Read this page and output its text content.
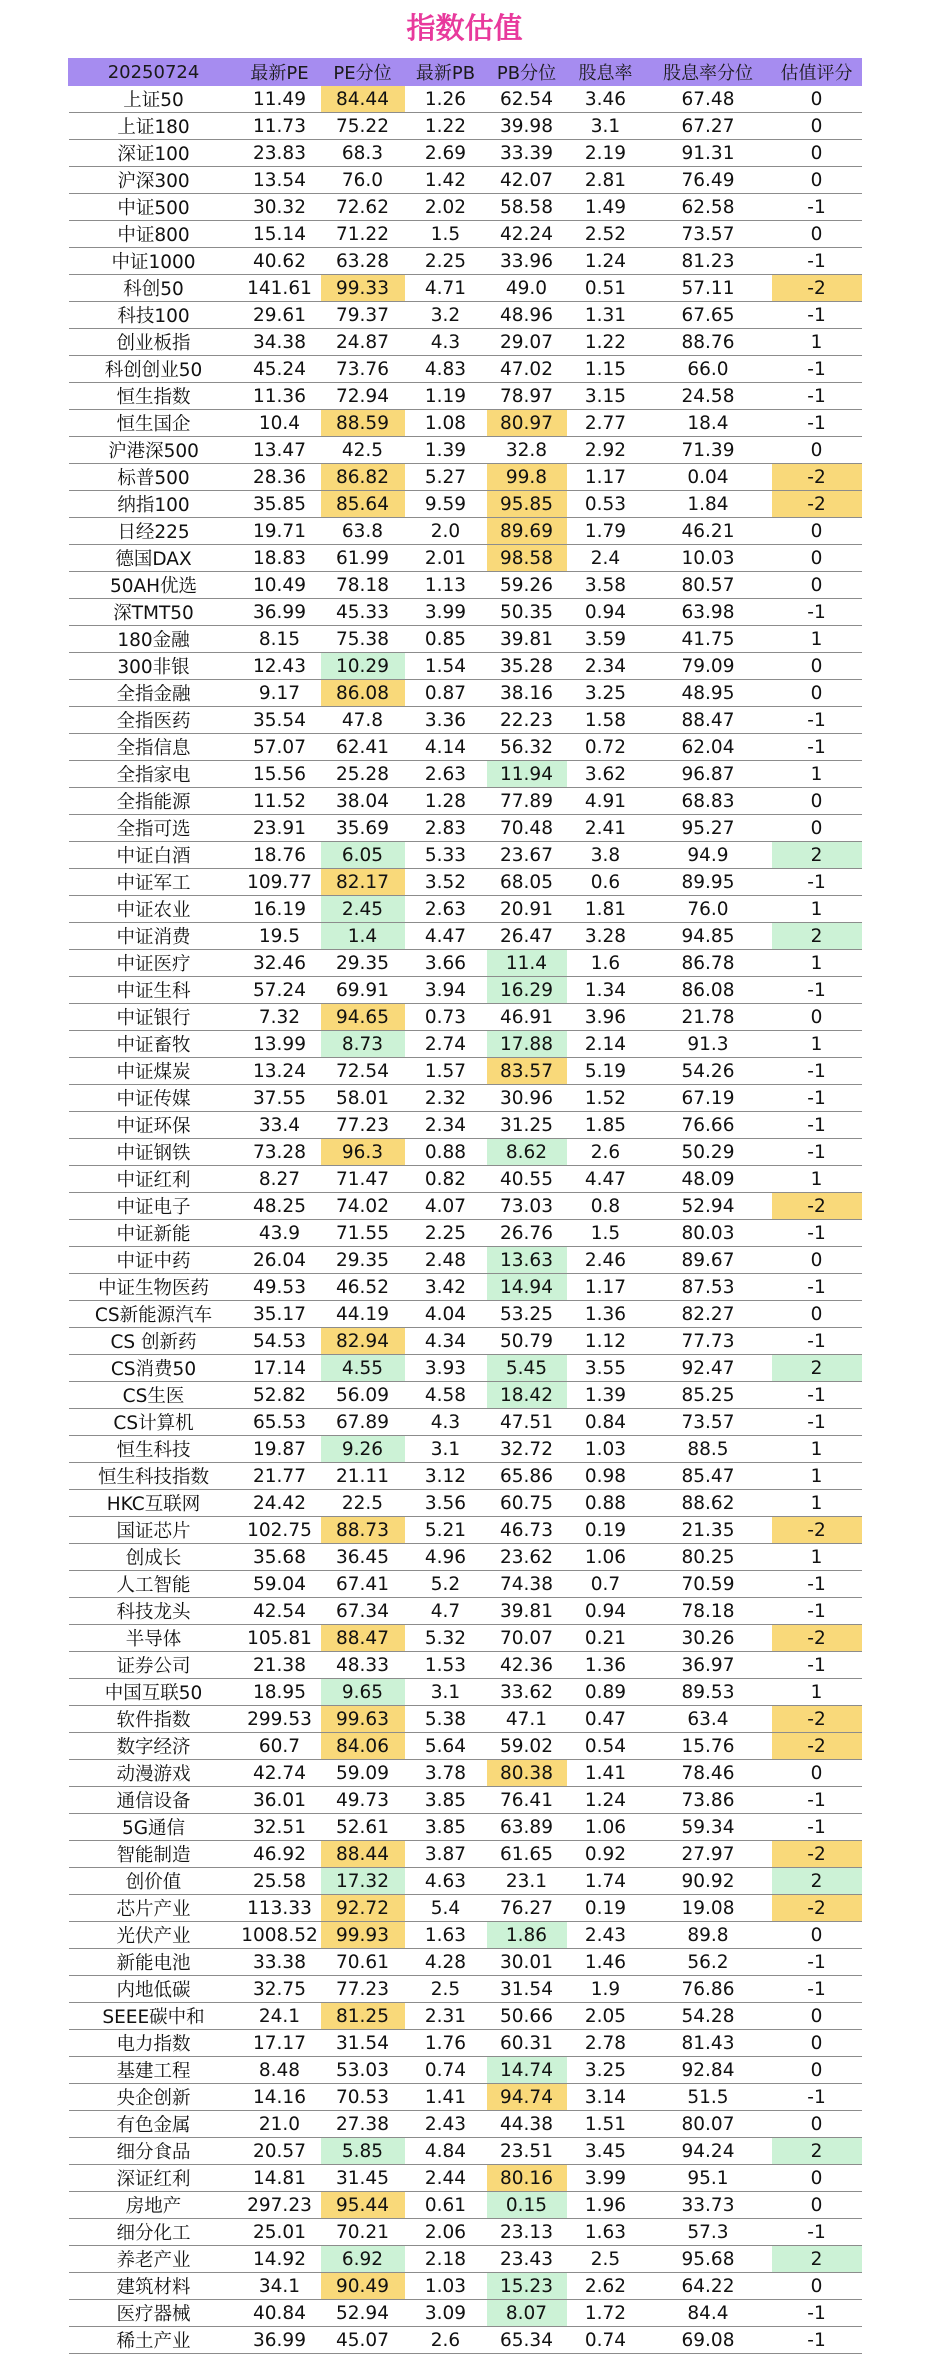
指数估值
20250724	最新PE	PE分位	最新PB	PB分位	股息率	股息率分位	估值评分
上证50	11.49	84.44	1.26	62.54	3.46	67.48	0
上证180	11.73	75.22	1.22	39.98	3.1	67.27	0
深证100	23.83	68.3	2.69	33.39	2.19	91.31	0
沪深300	13.54	76.0	1.42	42.07	2.81	76.49	0
中证500	30.32	72.62	2.02	58.58	1.49	62.58	-1
中证800	15.14	71.22	1.5	42.24	2.52	73.57	0
中证1000	40.62	63.28	2.25	33.96	1.24	81.23	-1
科创50	141.61	99.33	4.71	49.0	0.51	57.11	-2
科技100	29.61	79.37	3.2	48.96	1.31	67.65	-1
创业板指	34.38	24.87	4.3	29.07	1.22	88.76	1
科创创业50	45.24	73.76	4.83	47.02	1.15	66.0	-1
恒生指数	11.36	72.94	1.19	78.97	3.15	24.58	-1
恒生国企	10.4	88.59	1.08	80.97	2.77	18.4	-1
沪港深500	13.47	42.5	1.39	32.8	2.92	71.39	0
标普500	28.36	86.82	5.27	99.8	1.17	0.04	-2
纳指100	35.85	85.64	9.59	95.85	0.53	1.84	-2
日经225	19.71	63.8	2.0	89.69	1.79	46.21	0
德国DAX	18.83	61.99	2.01	98.58	2.4	10.03	0
50AH优选	10.49	78.18	1.13	59.26	3.58	80.57	0
深TMT50	36.99	45.33	3.99	50.35	0.94	63.98	-1
180金融	8.15	75.38	0.85	39.81	3.59	41.75	1
300非银	12.43	10.29	1.54	35.28	2.34	79.09	0
全指金融	9.17	86.08	0.87	38.16	3.25	48.95	0
全指医药	35.54	47.8	3.36	22.23	1.58	88.47	-1
全指信息	57.07	62.41	4.14	56.32	0.72	62.04	-1
全指家电	15.56	25.28	2.63	11.94	3.62	96.87	1
全指能源	11.52	38.04	1.28	77.89	4.91	68.83	0
全指可选	23.91	35.69	2.83	70.48	2.41	95.27	0
中证白酒	18.76	6.05	5.33	23.67	3.8	94.9	2
中证军工	109.77	82.17	3.52	68.05	0.6	89.95	-1
中证农业	16.19	2.45	2.63	20.91	1.81	76.0	1
中证消费	19.5	1.4	4.47	26.47	3.28	94.85	2
中证医疗	32.46	29.35	3.66	11.4	1.6	86.78	1
中证生科	57.24	69.91	3.94	16.29	1.34	86.08	-1
中证银行	7.32	94.65	0.73	46.91	3.96	21.78	0
中证畜牧	13.99	8.73	2.74	17.88	2.14	91.3	1
中证煤炭	13.24	72.54	1.57	83.57	5.19	54.26	-1
中证传媒	37.55	58.01	2.32	30.96	1.52	67.19	-1
中证环保	33.4	77.23	2.34	31.25	1.85	76.66	-1
中证钢铁	73.28	96.3	0.88	8.62	2.6	50.29	-1
中证红利	8.27	71.47	0.82	40.55	4.47	48.09	1
中证电子	48.25	74.02	4.07	73.03	0.8	52.94	-2
中证新能	43.9	71.55	2.25	26.76	1.5	80.03	-1
中证中药	26.04	29.35	2.48	13.63	2.46	89.67	0
中证生物医药	49.53	46.52	3.42	14.94	1.17	87.53	-1
CS新能源汽车	35.17	44.19	4.04	53.25	1.36	82.27	0
CS 创新药	54.53	82.94	4.34	50.79	1.12	77.73	-1
CS消费50	17.14	4.55	3.93	5.45	3.55	92.47	2
CS生医	52.82	56.09	4.58	18.42	1.39	85.25	-1
CS计算机	65.53	67.89	4.3	47.51	0.84	73.57	-1
恒生科技	19.87	9.26	3.1	32.72	1.03	88.5	1
恒生科技指数	21.77	21.11	3.12	65.86	0.98	85.47	1
HKC互联网	24.42	22.5	3.56	60.75	0.88	88.62	1
国证芯片	102.75	88.73	5.21	46.73	0.19	21.35	-2
创成长	35.68	36.45	4.96	23.62	1.06	80.25	1
人工智能	59.04	67.41	5.2	74.38	0.7	70.59	-1
科技龙头	42.54	67.34	4.7	39.81	0.94	78.18	-1
半导体	105.81	88.47	5.32	70.07	0.21	30.26	-2
证券公司	21.38	48.33	1.53	42.36	1.36	36.97	-1
中国互联50	18.95	9.65	3.1	33.62	0.89	89.53	1
软件指数	299.53	99.63	5.38	47.1	0.47	63.4	-2
数字经济	60.7	84.06	5.64	59.02	0.54	15.76	-2
动漫游戏	42.74	59.09	3.78	80.38	1.41	78.46	0
通信设备	36.01	49.73	3.85	76.41	1.24	73.86	-1
5G通信	32.51	52.61	3.85	63.89	1.06	59.34	-1
智能制造	46.92	88.44	3.87	61.65	0.92	27.97	-2
创价值	25.58	17.32	4.63	23.1	1.74	90.92	2
芯片产业	113.33	92.72	5.4	76.27	0.19	19.08	-2
光伏产业	1008.52	99.93	1.63	1.86	2.43	89.8	0
新能电池	33.38	70.61	4.28	30.01	1.46	56.2	-1
内地低碳	32.75	77.23	2.5	31.54	1.9	76.86	-1
SEEE碳中和	24.1	81.25	2.31	50.66	2.05	54.28	0
电力指数	17.17	31.54	1.76	60.31	2.78	81.43	0
基建工程	8.48	53.03	0.74	14.74	3.25	92.84	0
央企创新	14.16	70.53	1.41	94.74	3.14	51.5	-1
有色金属	21.0	27.38	2.43	44.38	1.51	80.07	0
细分食品	20.57	5.85	4.84	23.51	3.45	94.24	2
深证红利	14.81	31.45	2.44	80.16	3.99	95.1	0
房地产	297.23	95.44	0.61	0.15	1.96	33.73	0
细分化工	25.01	70.21	2.06	23.13	1.63	57.3	-1
养老产业	14.92	6.92	2.18	23.43	2.5	95.68	2
建筑材料	34.1	90.49	1.03	15.23	2.62	64.22	0
医疗器械	40.84	52.94	3.09	8.07	1.72	84.4	-1
稀土产业	36.99	45.07	2.6	65.34	0.74	69.08	-1
